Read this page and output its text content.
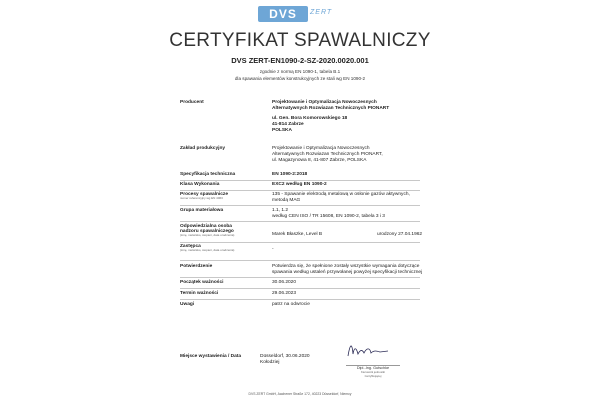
DVS	ZERT
CERTYFIKAT SPAWALNICZY
DVS ZERT-EN1090-2-SZ-2020.0020.001
zgodnie z normą EN 1090-1, tabela B.1
dla spawania elementów konstrukcyjnych ze stali wg EN 1090-2
Producent	Projektowanie i Optymalizacja Nowoczesnych
Alternatywnych Rozwiazan Technicznych PIONART
ul. Gen. Bora Komorowskiego 18
41-814 Zabrze
POLSKA
Zakład produkcyjny	Projektowanie i Optymalizacja Nowoczesnych
Alternatywnych Rozwiazan Technicznych PIONART,
ul. Magazynowa 8, 41-807 Zabrze, POLSKA
Specyfikacja techniczna	EN 1090-2:2018
Klasa Wykonania	EXC2 według EN 1090-2
Procesy spawalnicze
numer referencyjny wg EN 4063
135 - Spawanie elektrodą metalową w osłonie gazów aktywnych,
metodą MAG
Grupa materiałowa	1.1, 1.2
według CEN ISO / TR 15608, EN 1090-2, tabela 3 i 3
Odpowiedzialna osoba
nadzoru spawalniczego
(imię, nazwisko, stopień, data urodzenia)	Marek Błaszke, Level B	urodzony 27.04.1962
Zastępca
(imię, nazwisko, stopień, data urodzenia)	-
Potwierdzenie	Potwierdza się, że spełnione zostały wszystkie wymagania dotyczące
spawania według ustaleń przywołanej powyżej specyfikacji technicznej
Początek ważności	30.06.2020
Termin ważności	29.06.2023
Uwagi	patrz na odwrocie
Dipl.-Ing. Gutschke
Kierownik jednostki
Certyfikującej
Miejsce wystawienia / Data	Düsseldorf, 30.06.2020
Kołodziej
DVS ZERT GmbH, Aachener Straße 172, 40223 Düsseldorf, Niemcy
